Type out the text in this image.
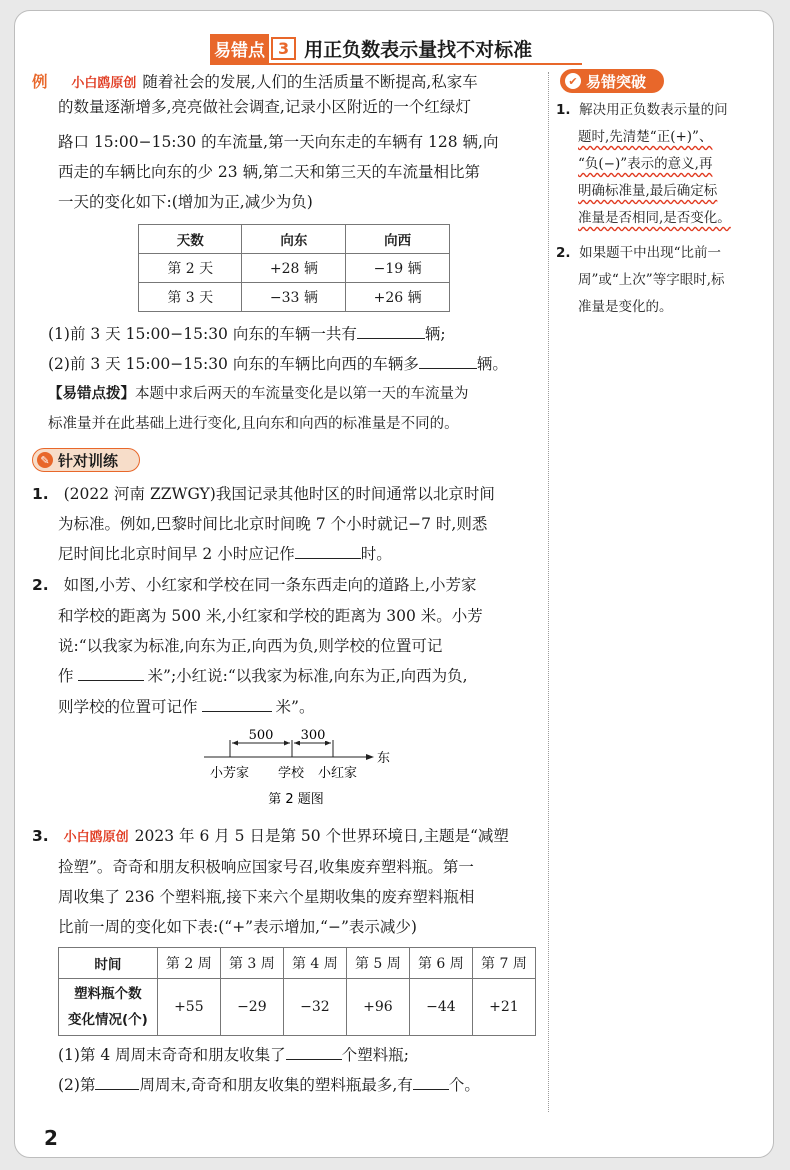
易错点 3 用正负数表示量找不对标准
例 小白鸥原创 随着社会的发展,人们的生活质量不断提高,私家车
的数量逐渐增多,亮亮做社会调查,记录小区附近的一个红绿灯
路口 15:00−15:30 的车流量,第一天向东走的车辆有 128 辆,向
西走的车辆比向东的少 23 辆,第二天和第三天的车流量相比第
一天的变化如下:(增加为正,减少为负)
天数	向东	向西
第 2 天	+28 辆	−19 辆
第 3 天	−33 辆	+26 辆
(1)前 3 天 15:00−15:30 向东的车辆一共有	辆;
(2)前 3 天 15:00−15:30 向东的车辆比向西的车辆多	辆。
【易错点拨】本题中求后两天的车流量变化是以第一天的车流量为
标准量并在此基础上进行变化,且向东和向西的标准量是不同的。
✎ 针对训练
1. (2022 河南 ZZWGY)我国记录其他时区的时间通常以北京时间
为标准。例如,巴黎时间比北京时间晚 7 个小时就记−7 时,则悉
尼时间比北京时间早 2 小时应记作	时。
2. 如图,小芳、小红家和学校在同一条东西走向的道路上,小芳家
和学校的距离为 500 米,小红家和学校的距离为 300 米。小芳
说:“以我家为标准,向东为正,向西为负,则学校的位置可记
作	米”;小红说:“以我家为标准,向东为正,向西为负,
则学校的位置可记作	米”。
500 300
东
小芳家 学校 小红家
第 2 题图
3. 小白鸥原创 2023 年 6 月 5 日是第 50 个世界环境日,主题是“减塑
捡塑”。奇奇和朋友积极响应国家号召,收集废弃塑料瓶。第一
周收集了 236 个塑料瓶,接下来六个星期收集的废弃塑料瓶相
比前一周的变化如下表:(“+”表示增加,“−”表示减少)
时间	第 2 周	第 3 周	第 4 周	第 5 周	第 6 周	第 7 周
塑料瓶个数
变化情况(个)	+55	−29	−32	+96	−44	+21
(1)第 4 周周末奇奇和朋友收集了	个塑料瓶;
(2)第	周周末,奇奇和朋友收集的塑料瓶最多,有 个。
✔ 易错突破
1. 解决用正负数表示量的问
题时,先清楚“正(+)”、
“负(−)”表示的意义,再
明确标准量,最后确定标
准量是否相同,是否变化。
2. 如果题干中出现“比前一
周”或“上次”等字眼时,标
准量是变化的。
2
